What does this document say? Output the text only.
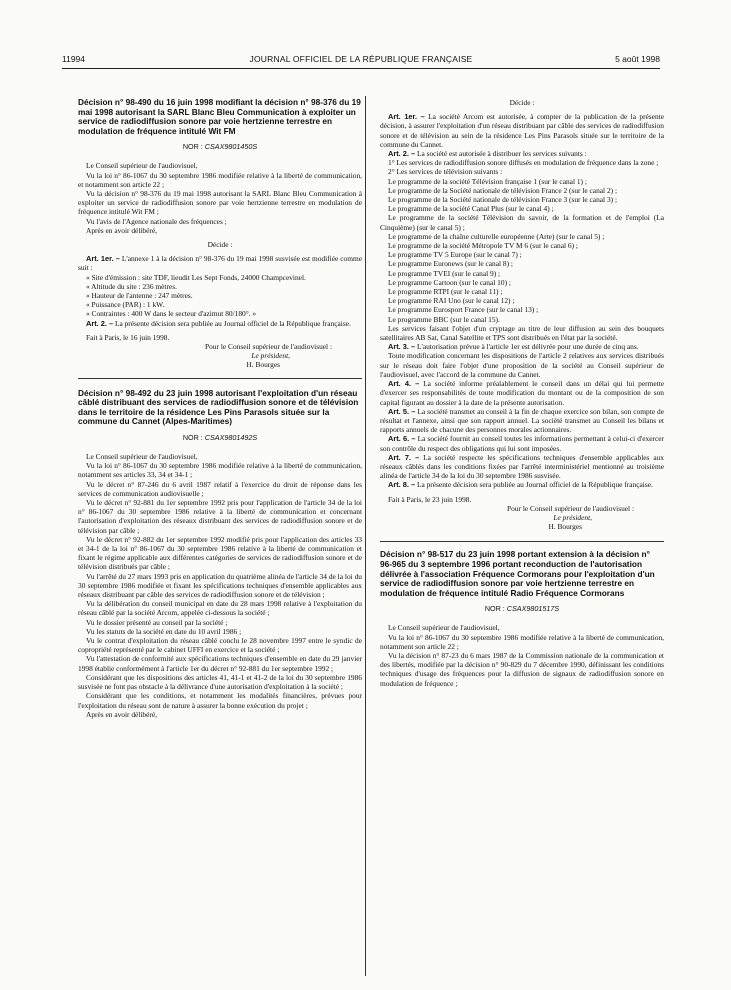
11994	JOURNAL OFFICIEL DE LA RÉPUBLIQUE FRANÇAISE	5 août 1998
Décision n° 98-490 du 16 juin 1998 modifiant la décision n° 98-376 du 19 mai 1998 autorisant la SARL Blanc Bleu Communication à exploiter un service de radiodiffusion sonore par voie hertzienne terrestre en modulation de fréquence intitulé Wit FM
NOR : CSAX9801450S

Le Conseil supérieur de l'audiovisuel,

Vu la loi n° 86-1067 du 30 septembre 1986 modifiée relative à la liberté de communication, et notamment son article 22 ;

Vu la décision n° 98-376 du 19 mai 1998 autorisant la SARL Blanc Bleu Communication à exploiter un service de radiodiffusion sonore par voie hertzienne terrestre en modulation de fréquence intitulé Wit FM ;

Vu l'avis de l'Agence nationale des fréquences ;

Après en avoir délibéré,

Décide :

Art. 1er. – L'annexe 1 à la décision n° 98-376 du 19 mai 1998 susvisée est modifiée comme suit :

« Site d'émission : site TDF, lieudit Les Sept Fonds, 24000 Champcevinel.

« Altitude du site : 236 mètres.

« Hauteur de l'antenne : 247 mètres.

« Puissance (PAR) : 1 kW.

« Contraintes : 400 W dans le secteur d'azimut 80/180°. »

Art. 2. – La présente décision sera publiée au Journal officiel de la République française.

Fait à Paris, le 16 juin 1998.

Pour le Conseil supérieur de l'audiovisuel :

Le président,

H. Bourges

Décision n° 98-492 du 23 juin 1998 autorisant l'exploitation d'un réseau câblé distribuant des services de radiodiffusion sonore et de télévision dans le territoire de la résidence Les Pins Parasols située sur la commune du Cannet (Alpes-Maritimes)
NOR : CSAX9801492S

Le Conseil supérieur de l'audiovisuel,

Vu la loi n° 86-1067 du 30 septembre 1986 modifiée relative à la liberté de communication, notamment ses articles 33, 34 et 34-1 ;

Vu le décret n° 87-246 du 6 avril 1987 relatif à l'exercice du droit de réponse dans les services de communication audiovisuelle ;

Vu le décret n° 92-881 du 1er septembre 1992 pris pour l'application de l'article 34 de la loi n° 86-1067 du 30 septembre 1986 relative à la liberté de communication et concernant l'autorisation d'exploitation des réseaux distribuant des services de radiodiffusion sonore et de télévision par câble ;

Vu le décret n° 92-882 du 1er septembre 1992 modifié pris pour l'application des articles 33 et 34-1 de la loi n° 86-1067 du 30 septembre 1986 relative à la liberté de communication et fixant le régime applicable aux différentes catégories de services de radiodiffusion sonore et de télévision distribués par câble ;

Vu l'arrêté du 27 mars 1993 pris en application du quatrième alinéa de l'article 34 de la loi du 30 septembre 1986 modifiée et fixant les spécifications techniques d'ensemble applicables aux réseaux distribuant par câble des services de radiodiffusion sonore et de télévision ;

Vu la délibération du conseil municipal en date du 28 mars 1998 relative à l'exploitation du réseau câblé par la société Arcom, appelée ci-dessous la société ;

Vu le dossier présenté au conseil par la société ;

Vu les statuts de la société en date du 10 avril 1986 ;

Vu le contrat d'exploitation du réseau câblé conclu le 28 novembre 1997 entre le syndic de copropriété représenté par le cabinet UFFI en exercice et la société ;

Vu l'attestation de conformité aux spécifications techniques d'ensemble en date du 29 janvier 1998 établie conformément à l'article 1er du décret n° 92-881 du 1er septembre 1992 ;

Considérant que les dispositions des articles 41, 41-1 et 41-2 de la loi du 30 septembre 1986 susvisée ne font pas obstacle à la délivrance d'une autorisation d'exploitation à la société ;

Considérant que les conditions, et notamment les modalités financières, prévues pour l'exploitation du réseau sont de nature à assurer la bonne exécution du projet ;

Après en avoir délibéré,

Décide :

Art. 1er. – La société Arcom est autorisée, à compter de la publication de la présente décision, à assurer l'exploitation d'un réseau distribuant par câble des services de radiodiffusion sonore et de télévision au sein de la résidence Les Pins Parasols située sur le territoire de la commune du Cannet.

Art. 2. – La société est autorisée à distribuer les services suivants :

1° Les services de radiodiffusion sonore diffusés en modulation de fréquence dans la zone ;

2° Les services de télévision suivants :

Le programme de la société Télévision française 1 (sur le canal 1) ;

Le programme de la Société nationale de télévision France 2 (sur le canal 2) ;

Le programme de la Société nationale de télévision France 3 (sur le canal 3) ;

Le programme de la société Canal Plus (sur le canal 4) ;

Le programme de la société Télévision du savoir, de la formation et de l'emploi (La Cinquième) (sur le canal 5) ;

Le programme de la chaîne culturelle européenne (Arte) (sur le canal 5) ;

Le programme de la société Métropole TV M 6 (sur le canal 6) ;

Le programme TV 5 Europe (sur le canal 7) ;

Le programme Euronews (sur le canal 8) ;

Le programme TVEI (sur le canal 9) ;

Le programme Cartoon (sur le canal 10) ;

Le programme RTPI (sur le canal 11) ;

Le programme RAI Uno (sur le canal 12) ;

Le programme Eurosport France (sur le canal 13) ;

Le programme BBC (sur le canal 15).

Les services faisant l'objet d'un cryptage au titre de leur diffusion au sein des bouquets satellitaires AB Sat, Canal Satellite et TPS sont distribués en l'état par la société.

Art. 3. – L'autorisation prévue à l'article 1er est délivrée pour une durée de cinq ans.

Toute modification concernant les dispositions de l'article 2 relatives aux services distribués sur le réseau doit faire l'objet d'une proposition de la société au Conseil supérieur de l'audiovisuel, avec l'accord de la commune du Cannet.

Art. 4. – La société informe préalablement le conseil dans un délai qui lui permette d'exercer ses responsabilités de toute modification du montant ou de la composition de son capital figurant au dossier à la date de la présente autorisation.

Art. 5. – La société transmet au conseil à la fin de chaque exercice son bilan, son compte de résultat et l'annexe, ainsi que son rapport annuel. La société transmet au Conseil les bilans et rapports annuels de chacune des personnes morales actionnaires.

Art. 6. – La société fournit au conseil toutes les informations permettant à celui-ci d'exercer son contrôle du respect des obligations qui lui sont imposées.

Art. 7. – La société respecte les spécifications techniques d'ensemble applicables aux réseaux câblés dans les conditions fixées par l'arrêté interministériel mentionné au troisième alinéa de l'article 34 de la loi du 30 septembre 1986 susvisée.

Art. 8. – La présente décision sera publiée au Journal officiel de la République française.

Fait à Paris, le 23 juin 1998.

Pour le Conseil supérieur de l'audiovisuel :

Le président,

H. Bourges

Décision n° 98-517 du 23 juin 1998 portant extension à la décision n° 96-965 du 3 septembre 1996 portant reconduction de l'autorisation délivrée à l'association Fréquence Cormorans pour l'exploitation d'un service de radiodiffusion sonore par voie hertzienne terrestre en modulation de fréquence intitulé Radio Fréquence Cormorans
NOR : CSAX9801517S

Le Conseil supérieur de l'audiovisuel,

Vu la loi n° 86-1067 du 30 septembre 1986 modifiée relative à la liberté de communication, notamment son article 22 ;

Vu la décision n° 87-23 du 6 mars 1987 de la Commission nationale de la communication et des libertés, modifiée par la décision n° 90-829 du 7 décembre 1990, définissant les conditions techniques d'usage des fréquences pour la diffusion de signaux de radiodiffusion sonore en modulation de fréquence ;
